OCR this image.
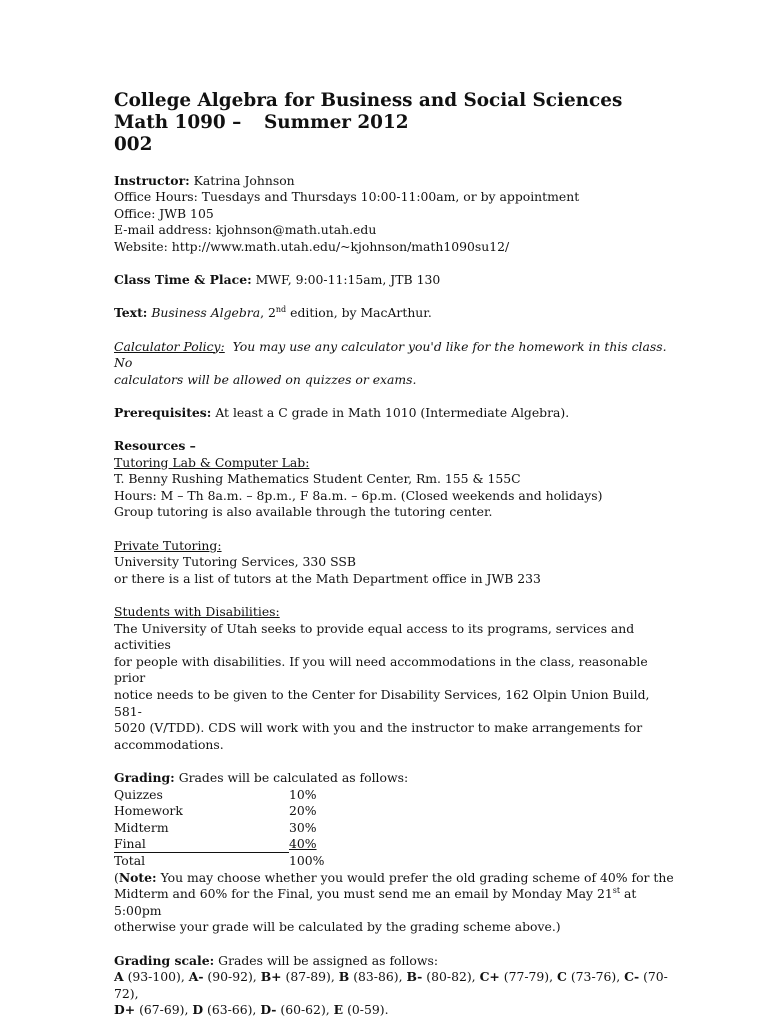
College Algebra for Business and Social Sciences

Math 1090 – 002
Summer 2012

Instructor: Katrina Johnson

Office Hours: Tuesdays and Thursdays 10:00-11:00am, or by appointment

Office: JWB 105

E-mail address: kjohnson@math.utah.edu

Website: http://www.math.utah.edu/~kjohnson/math1090su12/

Class Time & Place: MWF, 9:00-11:15am, JTB 130

Text: Business Algebra, 2nd edition, by MacArthur.

Calculator Policy: You may use any calculator you'd like for the homework in this class. No

calculators will be allowed on quizzes or exams.

Prerequisites: At least a C grade in Math 1010 (Intermediate Algebra).

Resources –

Tutoring Lab & Computer Lab:

T. Benny Rushing Mathematics Student Center, Rm. 155 & 155C

Hours: M – Th 8a.m. – 8p.m., F 8a.m. – 6p.m. (Closed weekends and holidays)

Group tutoring is also available through the tutoring center.

Private Tutoring:

University Tutoring Services, 330 SSB

or there is a list of tutors at the Math Department office in JWB 233

Students with Disabilities:

The University of Utah seeks to provide equal access to its programs, services and activities

for people with disabilities. If you will need accommodations in the class, reasonable prior

notice needs to be given to the Center for Disability Services, 162 Olpin Union Build, 581-

5020 (V/TDD). CDS will work with you and the instructor to make arrangements for

accommodations.

Grading: Grades will be calculated as follows:

Quizzes	10%
Homework	20%
Midterm	30%
Final	40%
Total	100%

(Note: You may choose whether you would prefer the old grading scheme of 40% for the

Midterm and 60% for the Final, you must send me an email by Monday May 21st at 5:00pm

otherwise your grade will be calculated by the grading scheme above.)

Grading scale: Grades will be assigned as follows:

A (93-100), A- (90-92), B+ (87-89), B (83-86), B- (80-82), C+ (77-79), C (73-76), C- (70-72),

D+ (67-69), D (63-66), D- (60-62), E (0-59).
